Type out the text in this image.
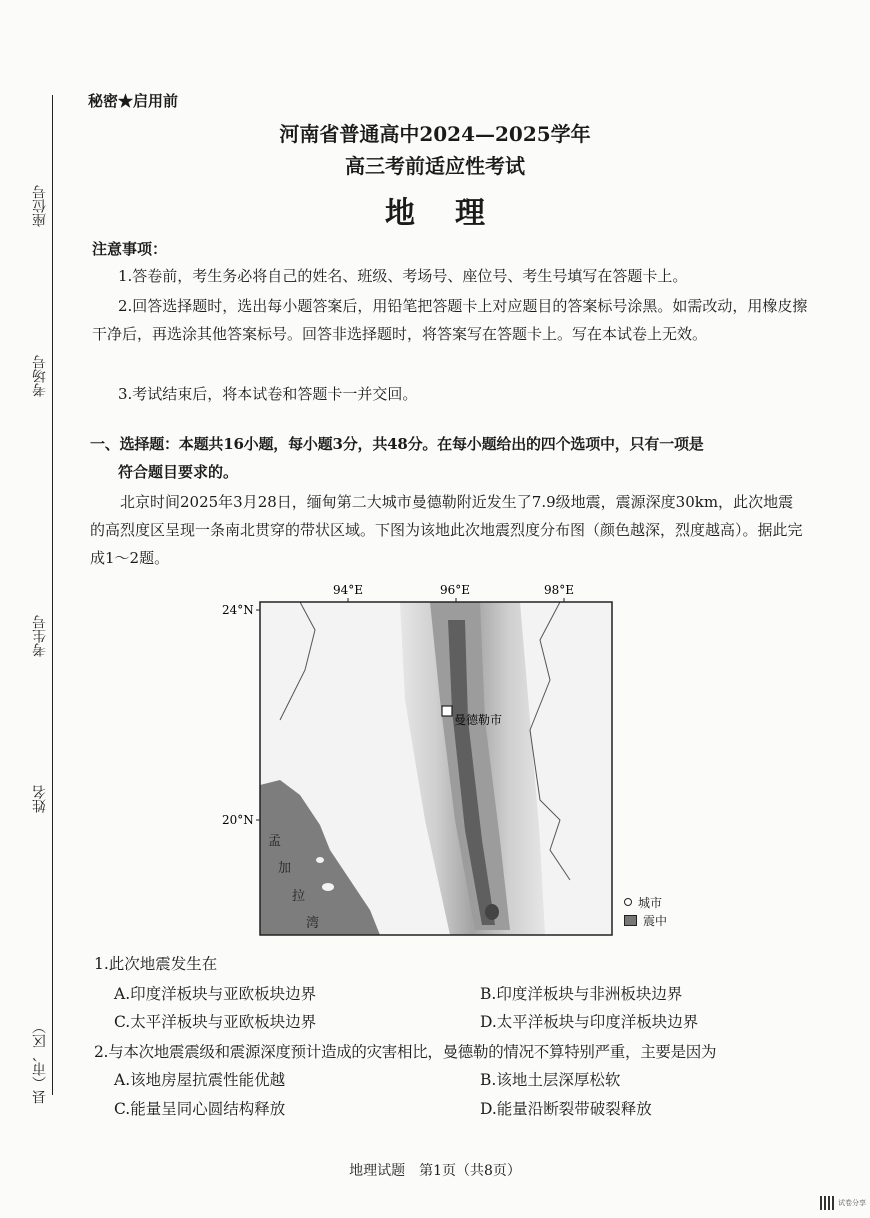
座位号
考场号
考生号
姓名
县（市、区）
秘密★启用前
河南省普通高中2024—2025学年
高三考前适应性考试
地理
注意事项：
1.答卷前，考生务必将自己的姓名、班级、考场号、座位号、考生号填写在答题卡上。
2.回答选择题时，选出每小题答案后，用铅笔把答题卡上对应题目的答案标号涂黑。如需改动，用橡皮擦干净后，再选涂其他答案标号。回答非选择题时，将答案写在答题卡上。写在本试卷上无效。
3.考试结束后，将本试卷和答题卡一并交回。
一、选择题：本题共16小题，每小题3分，共48分。在每小题给出的四个选项中，只有一项是
符合题目要求的。
北京时间2025年3月28日，缅甸第二大城市曼德勒附近发生了7.9级地震，震源深度30km，此次地震的高烈度区呈现一条南北贯穿的带状区域。下图为该地此次地震烈度分布图（颜色越深，烈度越高）。据此完成1～2题。
94°E	96°E	98°E
24°N
20°N
曼德勒市
孟
加
拉
湾
城市
震中
1.此次地震发生在
A.印度洋板块与亚欧板块边界	B.印度洋板块与非洲板块边界
C.太平洋板块与亚欧板块边界	D.太平洋板块与印度洋板块边界
2.与本次地震震级和震源深度预计造成的灾害相比，曼德勒的情况不算特别严重，主要是因为
A.该地房屋抗震性能优越	B.该地土层深厚松软
C.能量呈同心圆结构释放	D.能量沿断裂带破裂释放
地理试题　第1页（共8页）
试卷分享
